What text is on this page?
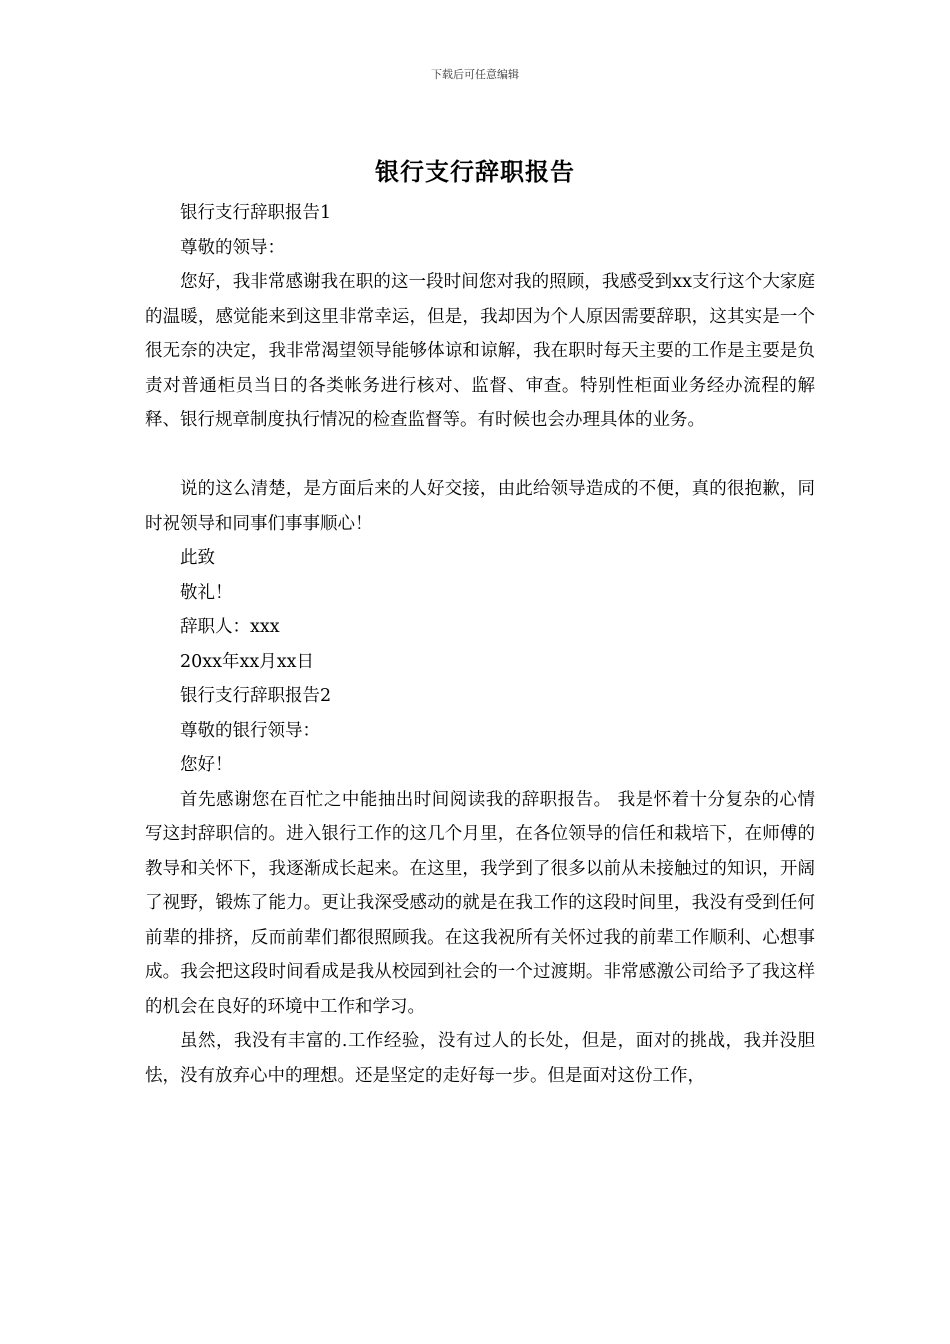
下载后可任意编辑
银行支行辞职报告

银行支行辞职报告1

尊敬的领导：

您好，我非常感谢我在职的这一段时间您对我的照顾，我感受到xx支行这个大家庭的温暖，感觉能来到这里非常幸运，但是，我却因为个人原因需要辞职，这其实是一个很无奈的决定，我非常渴望领导能够体谅和谅解，我在职时每天主要的工作是主要是负责对普通柜员当日的各类帐务进行核对、监督、审查。特别性柜面业务经办流程的解释、银行规章制度执行情况的检查监督等。有时候也会办理具体的业务。

说的这么清楚，是方面后来的人好交接，由此给领导造成的不便，真的很抱歉，同时祝领导和同事们事事顺心！

此致

敬礼！

辞职人：xxx

20xx年xx月xx日

银行支行辞职报告2

尊敬的银行领导：

您好！

首先感谢您在百忙之中能抽出时间阅读我的辞职报告。 我是怀着十分复杂的心情写这封辞职信的。进入银行工作的这几个月里，在各位领导的信任和栽培下，在师傅的教导和关怀下，我逐渐成长起来。在这里，我学到了很多以前从未接触过的知识，开阔了视野，锻炼了能力。更让我深受感动的就是在我工作的这段时间里，我没有受到任何前辈的排挤，反而前辈们都很照顾我。在这我祝所有关怀过我的前辈工作顺利、心想事成。我会把这段时间看成是我从校园到社会的一个过渡期。非常感激公司给予了我这样的机会在良好的环境中工作和学习。

虽然，我没有丰富的.工作经验，没有过人的长处，但是，面对的挑战，我并没胆怯，没有放弃心中的理想。还是坚定的走好每一步。但是面对这份工作，
